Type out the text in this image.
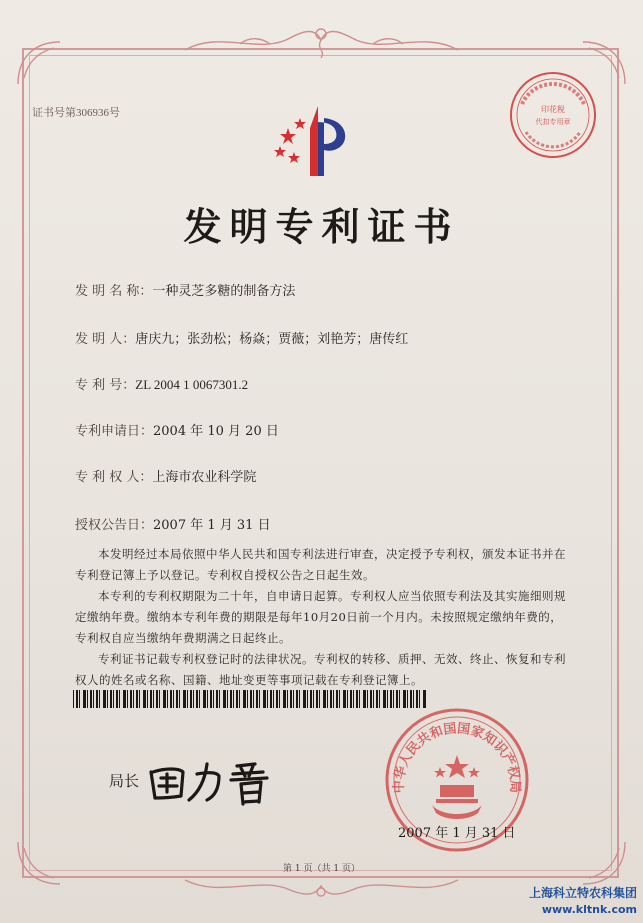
证书号第306936号	印花税
代扣专用章
发明专利证书
发 明 名 称：一种灵芝多糖的制备方法
发 明 人：唐庆九；张劲松；杨焱；贾薇；刘艳芳；唐传红
专 利 号：ZL 2004 1 0067301.2
专利申请日：2004 年 10 月 20 日
专 利 权 人：上海市农业科学院
授权公告日：2007 年 1 月 31 日

本发明经过本局依照中华人民共和国专利法进行审查，决定授予专利权，颁发本证书并在专利登记簿上予以登记。专利权自授权公告之日起生效。

本专利的专利权期限为二十年，自申请日起算。专利权人应当依照专利法及其实施细则规定缴纳年费。缴纳本专利年费的期限是每年10月20日前一个月内。未按照规定缴纳年费的，专利权自应当缴纳年费期满之日起终止。

专利证书记载专利权登记时的法律状况。专利权的转移、质押、无效、终止、恢复和专利权人的姓名或名称、国籍、地址变更等事项记载在专利登记簿上。

局长	中华人民共和国国家知识产权局
2007 年 1 月 31 日
第 1 页（共 1 页）
上海科立特农科集团
www.kltnk.com
